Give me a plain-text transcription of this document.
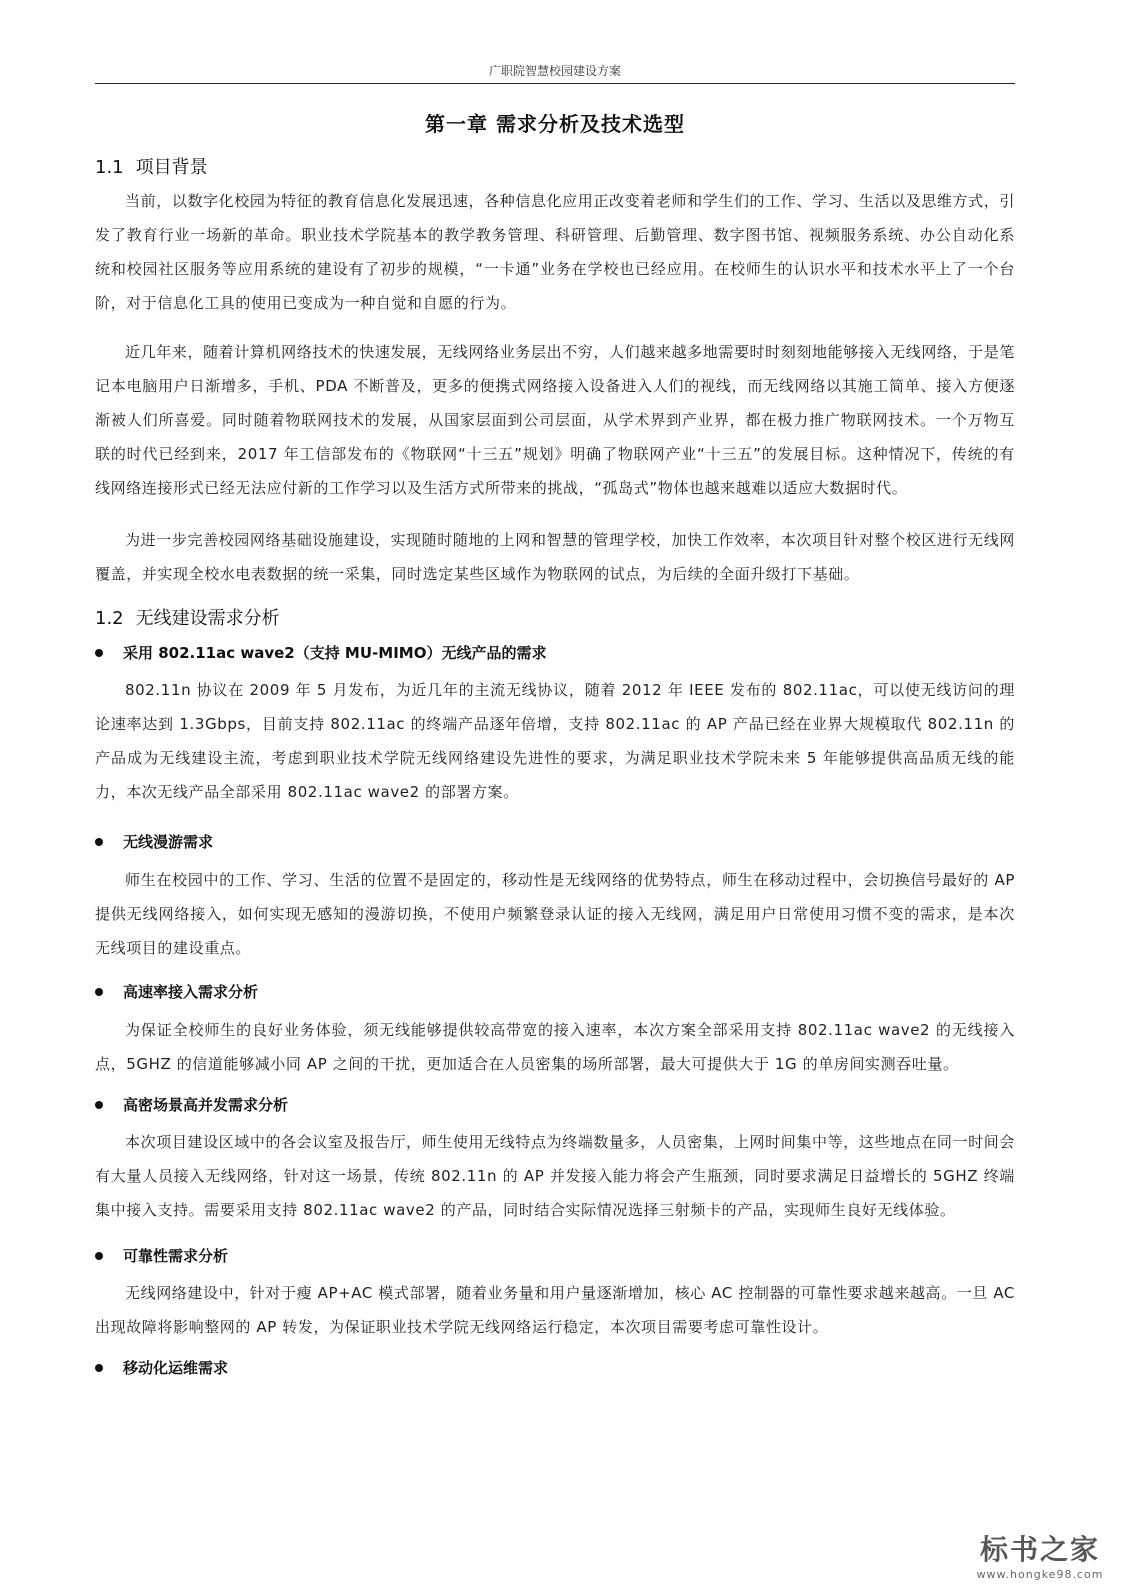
广职院智慧校园建设方案
第一章 需求分析及技术选型
1.1 项目背景

当前，以数字化校园为特征的教育信息化发展迅速，各种信息化应用正改变着老师和学生们的工作、学习、生活以及思维方式，引发了教育行业一场新的革命。职业技术学院基本的教学教务管理、科研管理、后勤管理、数字图书馆、视频服务系统、办公自动化系统和校园社区服务等应用系统的建设有了初步的规模，“一卡通”业务在学校也已经应用。在校师生的认识水平和技术水平上了一个台阶，对于信息化工具的使用已变成为一种自觉和自愿的行为。

近几年来，随着计算机网络技术的快速发展，无线网络业务层出不穷，人们越来越多地需要时时刻刻地能够接入无线网络，于是笔记本电脑用户日渐增多，手机、PDA 不断普及，更多的便携式网络接入设备进入人们的视线，而无线网络以其施工简单、接入方便逐渐被人们所喜爱。同时随着物联网技术的发展，从国家层面到公司层面，从学术界到产业界，都在极力推广物联网技术。一个万物互联的时代已经到来，2017 年工信部发布的《物联网“十三五”规划》明确了物联网产业“十三五”的发展目标。这种情况下，传统的有线网络连接形式已经无法应付新的工作学习以及生活方式所带来的挑战，“孤岛式”物体也越来越难以适应大数据时代。

为进一步完善校园网络基础设施建设，实现随时随地的上网和智慧的管理学校，加快工作效率，本次项目针对整个校区进行无线网覆盖，并实现全校水电表数据的统一采集，同时选定某些区域作为物联网的试点，为后续的全面升级打下基础。

1.2 无线建设需求分析
采用 802.11ac wave2（支持 MU-MIMO）无线产品的需求

802.11n 协议在 2009 年 5 月发布，为近几年的主流无线协议，随着 2012 年 IEEE 发布的 802.11ac，可以使无线访问的理论速率达到 1.3Gbps，目前支持 802.11ac 的终端产品逐年倍增，支持 802.11ac 的 AP 产品已经在业界大规模取代 802.11n 的产品成为无线建设主流，考虑到职业技术学院无线网络建设先进性的要求，为满足职业技术学院未来 5 年能够提供高品质无线的能力，本次无线产品全部采用 802.11ac wave2 的部署方案。

无线漫游需求

师生在校园中的工作、学习、生活的位置不是固定的，移动性是无线网络的优势特点，师生在移动过程中，会切换信号最好的 AP 提供无线网络接入，如何实现无感知的漫游切换，不使用户频繁登录认证的接入无线网，满足用户日常使用习惯不变的需求，是本次无线项目的建设重点。

高速率接入需求分析

为保证全校师生的良好业务体验，须无线能够提供较高带宽的接入速率，本次方案全部采用支持 802.11ac wave2 的无线接入点，5GHZ 的信道能够减小同 AP 之间的干扰，更加适合在人员密集的场所部署，最大可提供大于 1G 的单房间实测吞吐量。

高密场景高并发需求分析

本次项目建设区域中的各会议室及报告厅，师生使用无线特点为终端数量多，人员密集，上网时间集中等，这些地点在同一时间会有大量人员接入无线网络，针对这一场景，传统 802.11n 的 AP 并发接入能力将会产生瓶颈，同时要求满足日益增长的 5GHZ 终端集中接入支持。需要采用支持 802.11ac wave2 的产品，同时结合实际情况选择三射频卡的产品，实现师生良好无线体验。

可靠性需求分析

无线网络建设中，针对于瘦 AP+AC 模式部署，随着业务量和用户量逐渐增加，核心 AC 控制器的可靠性要求越来越高。一旦 AC 出现故障将影响整网的 AP 转发，为保证职业技术学院无线网络运行稳定，本次项目需要考虑可靠性设计。

移动化运维需求
标书之家
www.hongke98.com
